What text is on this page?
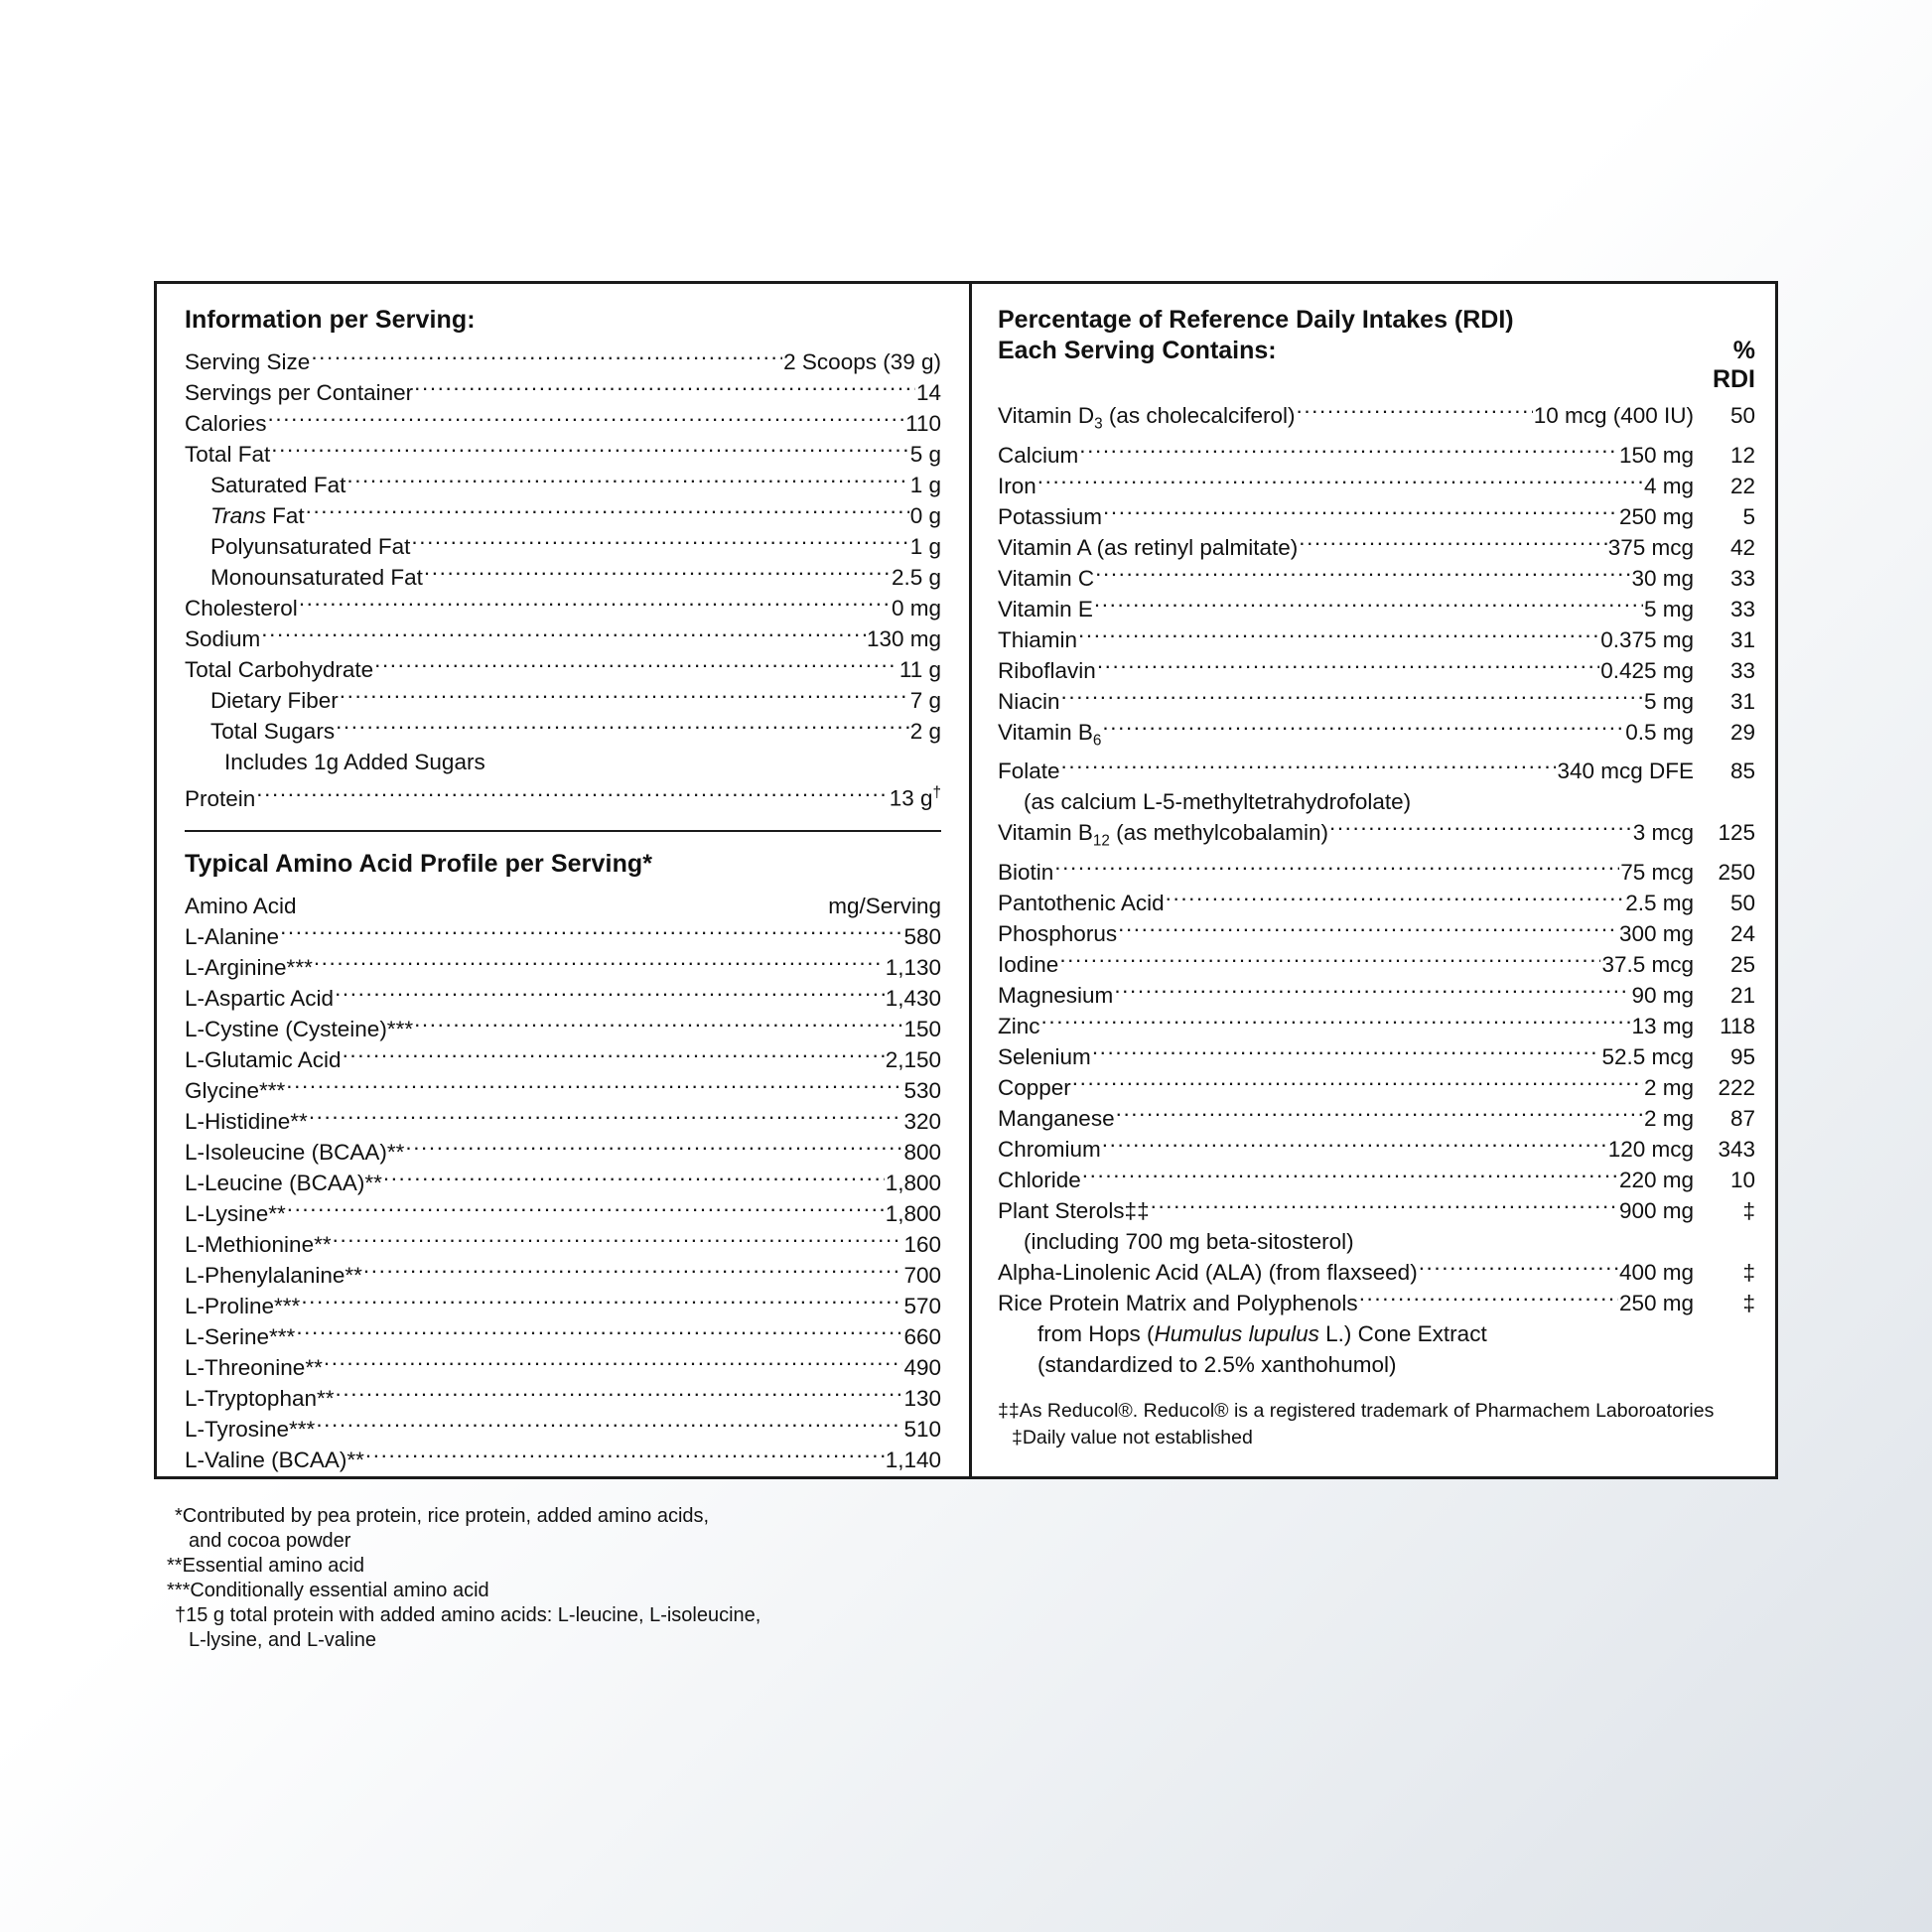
Information per Serving:
Serving Size .....	2 Scoops (39 g)
Servings per Container .....	14
Calories .....	110
Total Fat .....	5 g
Saturated Fat .....	1 g
Trans Fat .....	0 g
Polyunsaturated Fat .....	1 g
Monounsaturated Fat .....	2.5 g
Cholesterol .....	0 mg
Sodium .....	130 mg
Total Carbohydrate .....	11 g
Dietary Fiber .....	7 g
Total Sugars .....	2 g
Includes 1g Added Sugars
Protein .....	13 g†
Typical Amino Acid Profile per Serving*
Amino Acid	mg/Serving
L-Alanine .....	580
L-Arginine*** .....	1,130
L-Aspartic Acid .....	1,430
L-Cystine (Cysteine)*** .....	150
L-Glutamic Acid .....	2,150
Glycine*** .....	530
L-Histidine** .....	320
L-Isoleucine (BCAA)** .....	800
L-Leucine (BCAA)** .....	1,800
L-Lysine** .....	1,800
L-Methionine** .....	160
L-Phenylalanine** .....	700
L-Proline*** .....	570
L-Serine*** .....	660
L-Threonine** .....	490
L-Tryptophan** .....	130
L-Tyrosine*** .....	510
L-Valine (BCAA)** .....	1,140
Percentage of Reference Daily Intakes (RDI)
Each Serving Contains:	% RDI
Vitamin $D_3$ (as cholecalciferol) .....	10 mcg (400 IU)	50
Calcium .....	150 mg	12
Iron .....	4 mg	22
Potassium .....	250 mg	5
Vitamin A (as retinyl palmitate) .....	375 mcg	42
Vitamin C .....	30 mg	33
Vitamin E .....	5 mg	33
Thiamin .....	0.375 mg	31
Riboflavin .....	0.425 mg	33
Niacin .....	5 mg	31
Vitamin $B_6$ .....	0.5 mg	29
Folate .....	340 mcg DFE	85
(as calcium L-5-methyltetrahydrofolate)
Vitamin $B_{12}$ (as methylcobalamin) .....	3 mcg	125
Biotin .....	75 mcg	250
Pantothenic Acid .....	2.5 mg	50
Phosphorus .....	300 mg	24
Iodine .....	37.5 mcg	25
Magnesium .....	90 mg	21
Zinc .....	13 mg	118
Selenium .....	52.5 mcg	95
Copper .....	2 mg	222
Manganese .....	2 mg	87
Chromium .....	120 mcg	343
Chloride .....	220 mg	10
Plant Sterols‡‡ .....	900 mg	‡
(including 700 mg beta-sitosterol)
Alpha-Linolenic Acid (ALA) (from flaxseed) .....	400 mg	‡
Rice Protein Matrix and Polyphenols .....	250 mg	‡
from Hops (Humulus lupulus L.) Cone Extract
(standardized to 2.5% xanthohumol)
‡‡As Reducol®. Reducol® is a registered trademark of Pharmachem Laboroatories
‡Daily value not established
*Contributed by pea protein, rice protein, added amino acids,
and cocoa powder
**Essential amino acid
***Conditionally essential amino acid
†15 g total protein with added amino acids: L-leucine, L-isoleucine,
L-lysine, and L-valine
